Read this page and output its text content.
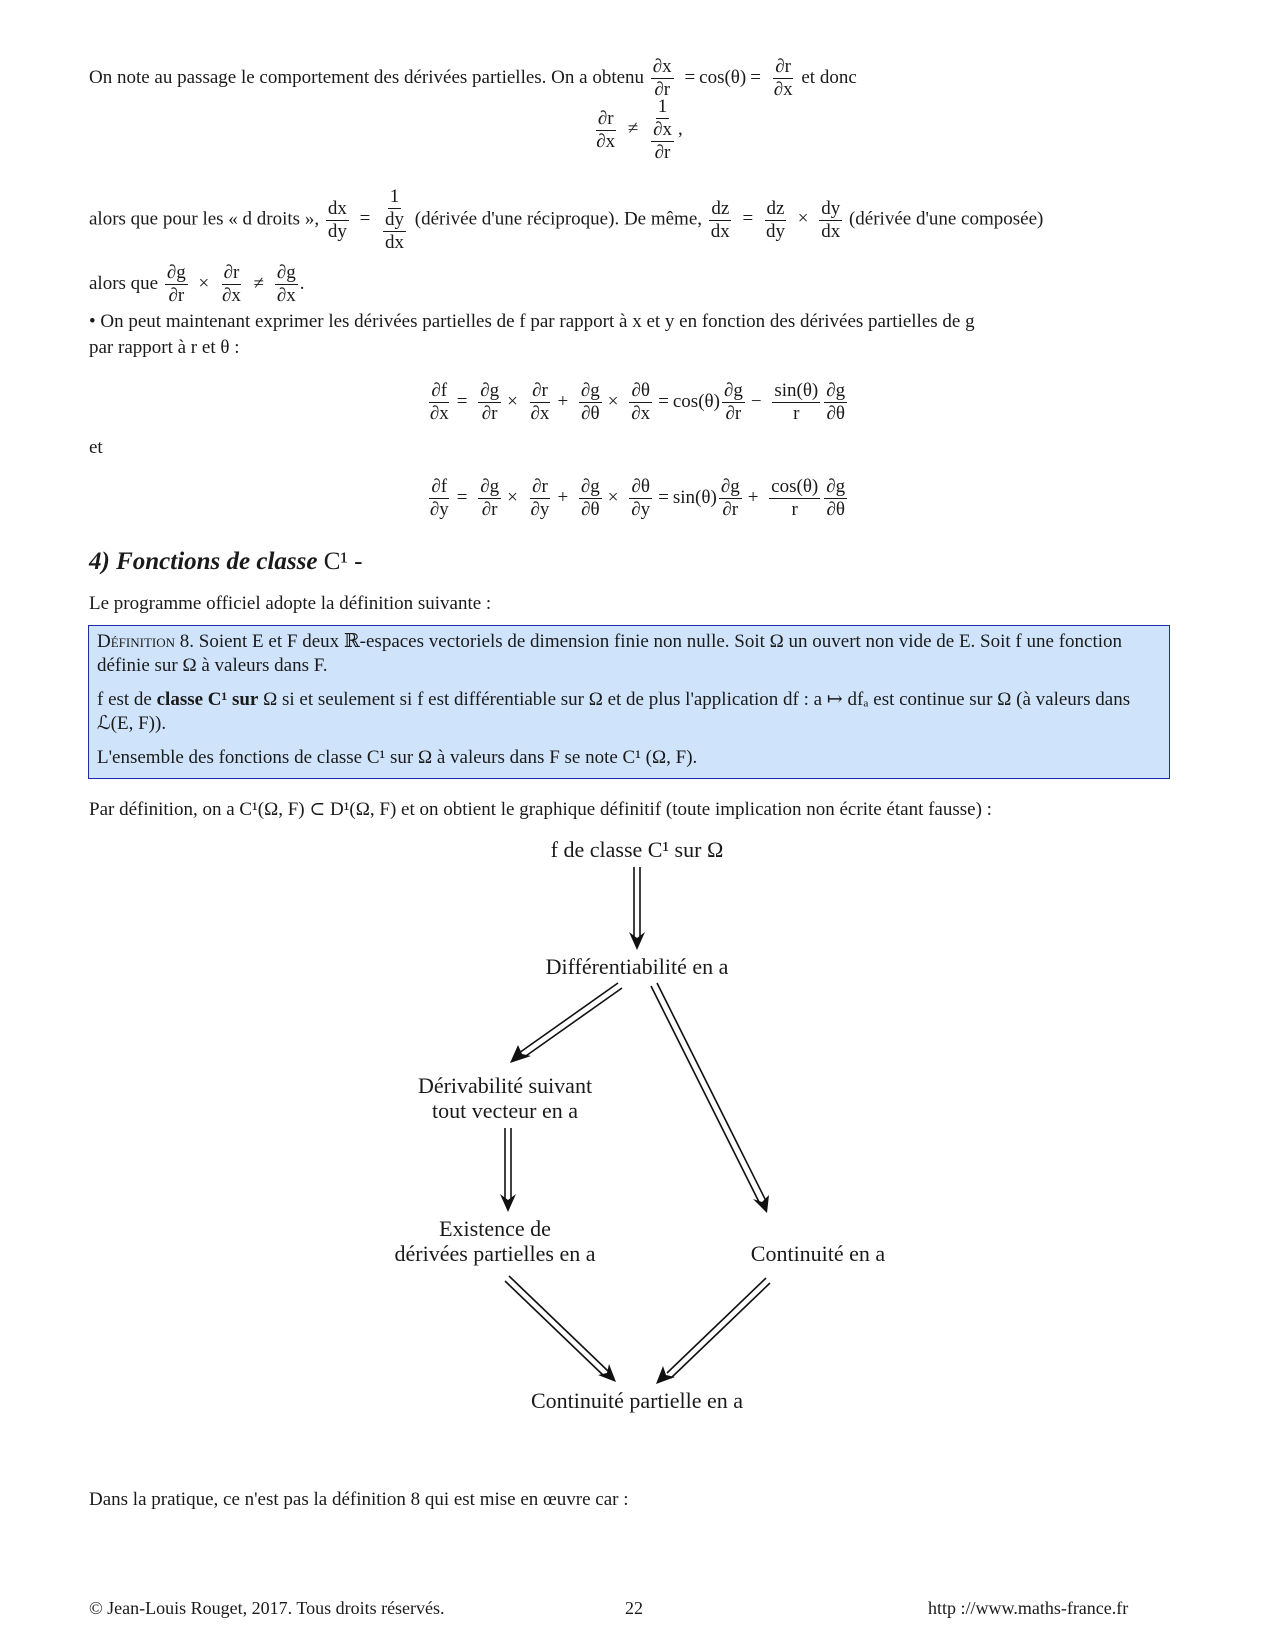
On note au passage le comportement des dérivées partielles. On a obtenu $\frac{\partial x}{\partial r} = \cos(\theta) = \frac{\partial r}{\partial x}$ et donc
$\frac{\partial r}{\partial x} \ne \frac{1}{\frac{\partial x}{\partial r}}$ ,
alors que pour les « d droits », $\frac{dx}{dy} = \frac{1}{\frac{dy}{dx}}$ (dérivée d'une réciproque). De même, $\frac{dz}{dx} = \frac{dz}{dy} \times \frac{dy}{dx}$ (dérivée d'une composée)
alors que $\frac{\partial g}{\partial r} \times \frac{\partial r}{\partial x} \ne \frac{\partial g}{\partial x}$ .
• On peut maintenant exprimer les dérivées partielles de f par rapport à x et y en fonction des dérivées partielles de g
par rapport à r et θ :
$\frac{\partial f}{\partial x} = \frac{\partial g}{\partial r} \times \frac{\partial r}{\partial x} + \frac{\partial g}{\partial\theta} \times \frac{\partial\theta}{\partial x} = \cos(\theta) \frac{\partial g}{\partial r} - \frac{\sin(\theta)}{r} \frac{\partial g}{\partial\theta}$
et
$\frac{\partial f}{\partial y} = \frac{\partial g}{\partial r} \times \frac{\partial r}{\partial y} + \frac{\partial g}{\partial\theta} \times \frac{\partial\theta}{\partial y} = \sin(\theta) \frac{\partial g}{\partial r} + \frac{\cos(\theta)}{r} \frac{\partial g}{\partial\theta}$
4) Fonctions de classe C¹ -
Le programme officiel adopte la définition suivante :

Définition 8. Soient E et F deux ℝ-espaces vectoriels de dimension finie non nulle. Soit Ω un ouvert non vide de E. Soit f une fonction définie sur Ω à valeurs dans F.

f est de classe C¹ sur Ω si et seulement si f est différentiable sur Ω et de plus l'application df : a ↦ dfₐ est continue sur Ω (à valeurs dans ℒ(E, F)).

L'ensemble des fonctions de classe C¹ sur Ω à valeurs dans F se note C¹ (Ω, F).

Par définition, on a C¹(Ω, F) ⊂ D¹(Ω, F) et on obtient le graphique définitif (toute implication non écrite étant fausse) :
f de classe C¹ sur Ω
Différentiabilité en a
Dérivabilité suivant
tout vecteur en a
Existence de
dérivées partielles en a	Continuité en a
Continuité partielle en a
Dans la pratique, ce n'est pas la définition 8 qui est mise en œuvre car :
© Jean-Louis Rouget, 2017. Tous droits réservés.	22	http ://www.maths-france.fr
